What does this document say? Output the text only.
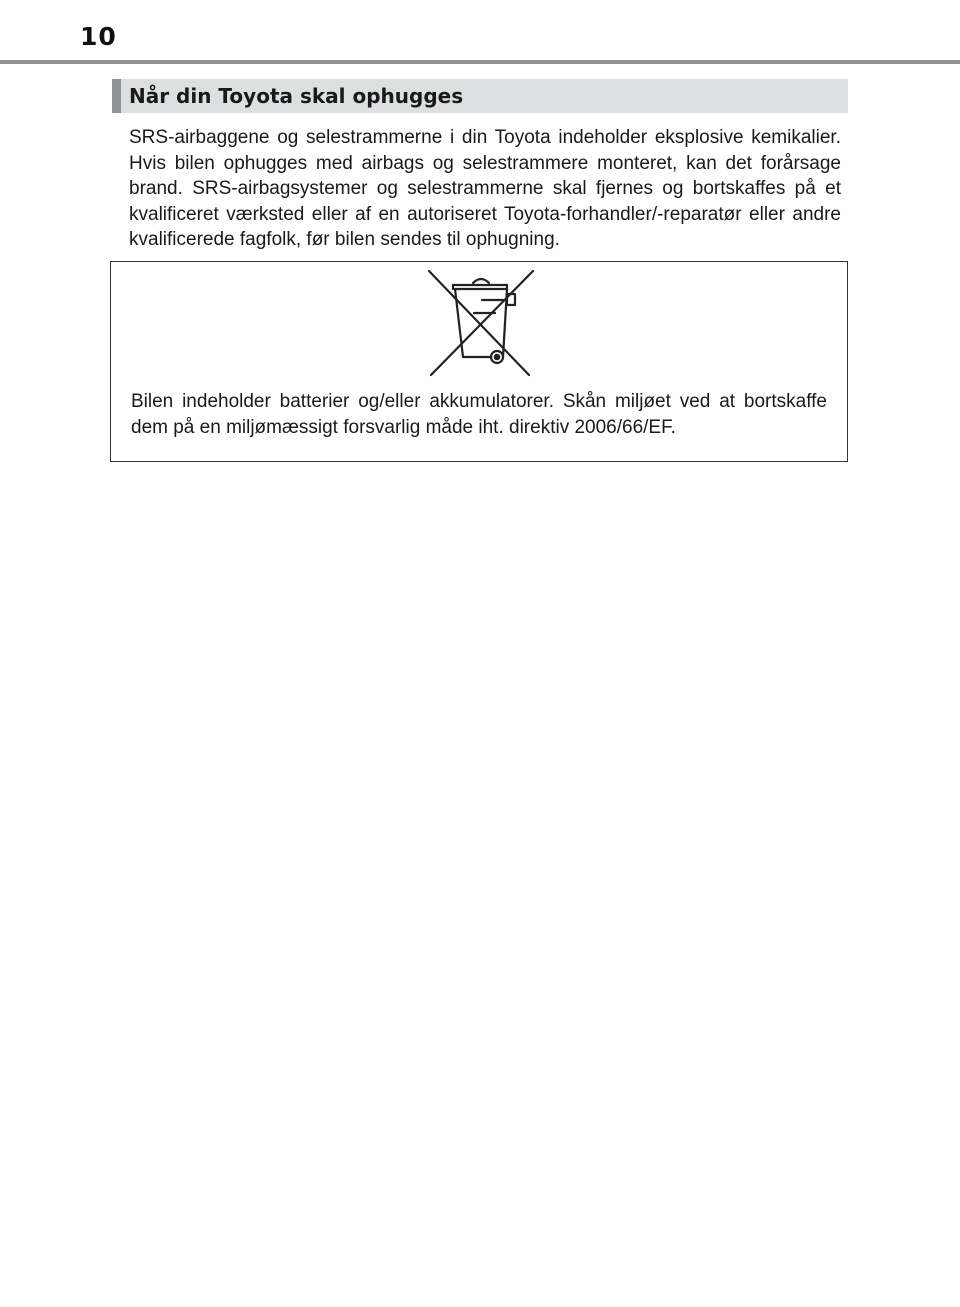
10
Når din Toyota skal ophugges

SRS-airbaggene og selestrammerne i din Toyota indeholder eksplosive kemikalier. Hvis bilen ophugges med airbags og selestrammere monteret, kan det forårsage brand. SRS-airbagsystemer og selestrammerne skal fjernes og bortskaffes på et kvalificeret værksted eller af en autoriseret Toyota-forhandler/-reparatør eller andre kvalificerede fagfolk, før bilen sendes til ophugning.

Bilen indeholder batterier og/eller akkumulatorer. Skån miljøet ved at bortskaffe dem på en miljømæssigt forsvarlig måde iht. direktiv 2006/66/EF.
